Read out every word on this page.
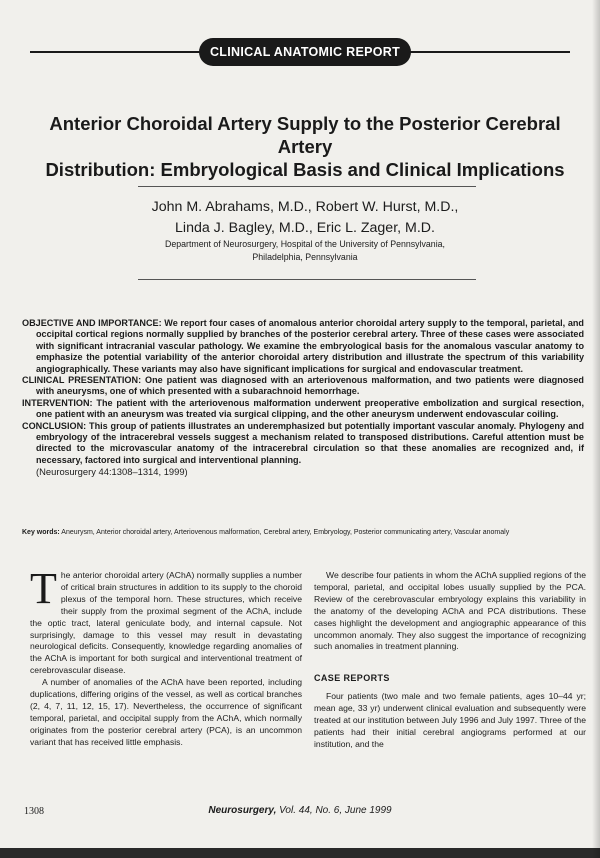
CLINICAL ANATOMIC REPORT
Anterior Choroidal Artery Supply to the Posterior Cerebral Artery
Distribution: Embryological Basis and Clinical Implications
John M. Abrahams, M.D., Robert W. Hurst, M.D.,
Linda J. Bagley, M.D., Eric L. Zager, M.D.
Department of Neurosurgery, Hospital of the University of Pennsylvania,
Philadelphia, Pennsylvania

OBJECTIVE AND IMPORTANCE: We report four cases of anomalous anterior choroidal artery supply to the temporal, parietal, and occipital cortical regions normally supplied by branches of the posterior cerebral artery. Three of these cases were associated with significant intracranial vascular pathology. We examine the embryological basis for the anomalous vascular anatomy to emphasize the potential variability of the anterior choroidal artery distribution and illustrate the spectrum of this variability angiographically. These variants may also have significant implications for surgical and endovascular treatment.

CLINICAL PRESENTATION: One patient was diagnosed with an arteriovenous malformation, and two patients were diagnosed with aneurysms, one of which presented with a subarachnoid hemorrhage.

INTERVENTION: The patient with the arteriovenous malformation underwent preoperative embolization and surgical resection, one patient with an aneurysm was treated via surgical clipping, and the other aneurysm underwent endovascular coiling.

CONCLUSION: This group of patients illustrates an underemphasized but potentially important vascular anomaly. Phylogeny and embryology of the intracerebral vessels suggest a mechanism related to transposed distributions. Careful attention must be directed to the microvascular anatomy of the intracerebral circulation so that these anomalies are recognized and, if necessary, factored into surgical and interventional planning.
(Neurosurgery 44:1308–1314, 1999)

Key words: Aneurysm, Anterior choroidal artery, Arteriovenous malformation, Cerebral artery, Embryology, Posterior communicating artery, Vascular anomaly

The anterior choroidal artery (AChA) normally supplies a number of critical brain structures in addition to its supply to the choroid plexus of the temporal horn. These structures, which receive their supply from the proximal segment of the AChA, include the optic tract, lateral geniculate body, and internal capsule. Not surprisingly, damage to this vessel may result in devastating neurological deficits. Consequently, knowledge regarding anomalies of the AChA is important for both surgical and interventional treatment of cerebrovascular disease.

A number of anomalies of the AChA have been reported, including duplications, differing origins of the vessel, as well as cortical branches (2, 4, 7, 11, 12, 15, 17). Nevertheless, the occurrence of significant temporal, parietal, and occipital supply from the AChA, which normally originates from the posterior cerebral artery (PCA), is an uncommon variant that has received little emphasis.

We describe four patients in whom the AChA supplied regions of the temporal, parietal, and occipital lobes usually supplied by the PCA. Review of the cerebrovascular embryology explains this variability in the anatomy of the developing AChA and PCA distributions. These cases highlight the development and angiographic appearance of this uncommon anomaly. They also suggest the importance of recognizing such anomalies in treatment planning.

CASE REPORTS

Four patients (two male and two female patients, ages 10–44 yr; mean age, 33 yr) underwent clinical evaluation and subsequently were treated at our institution between July 1996 and July 1997. Three of the patients had their initial cerebral angiograms performed at our institution, and the

1308	Neurosurgery, Vol. 44, No. 6, June 1999
